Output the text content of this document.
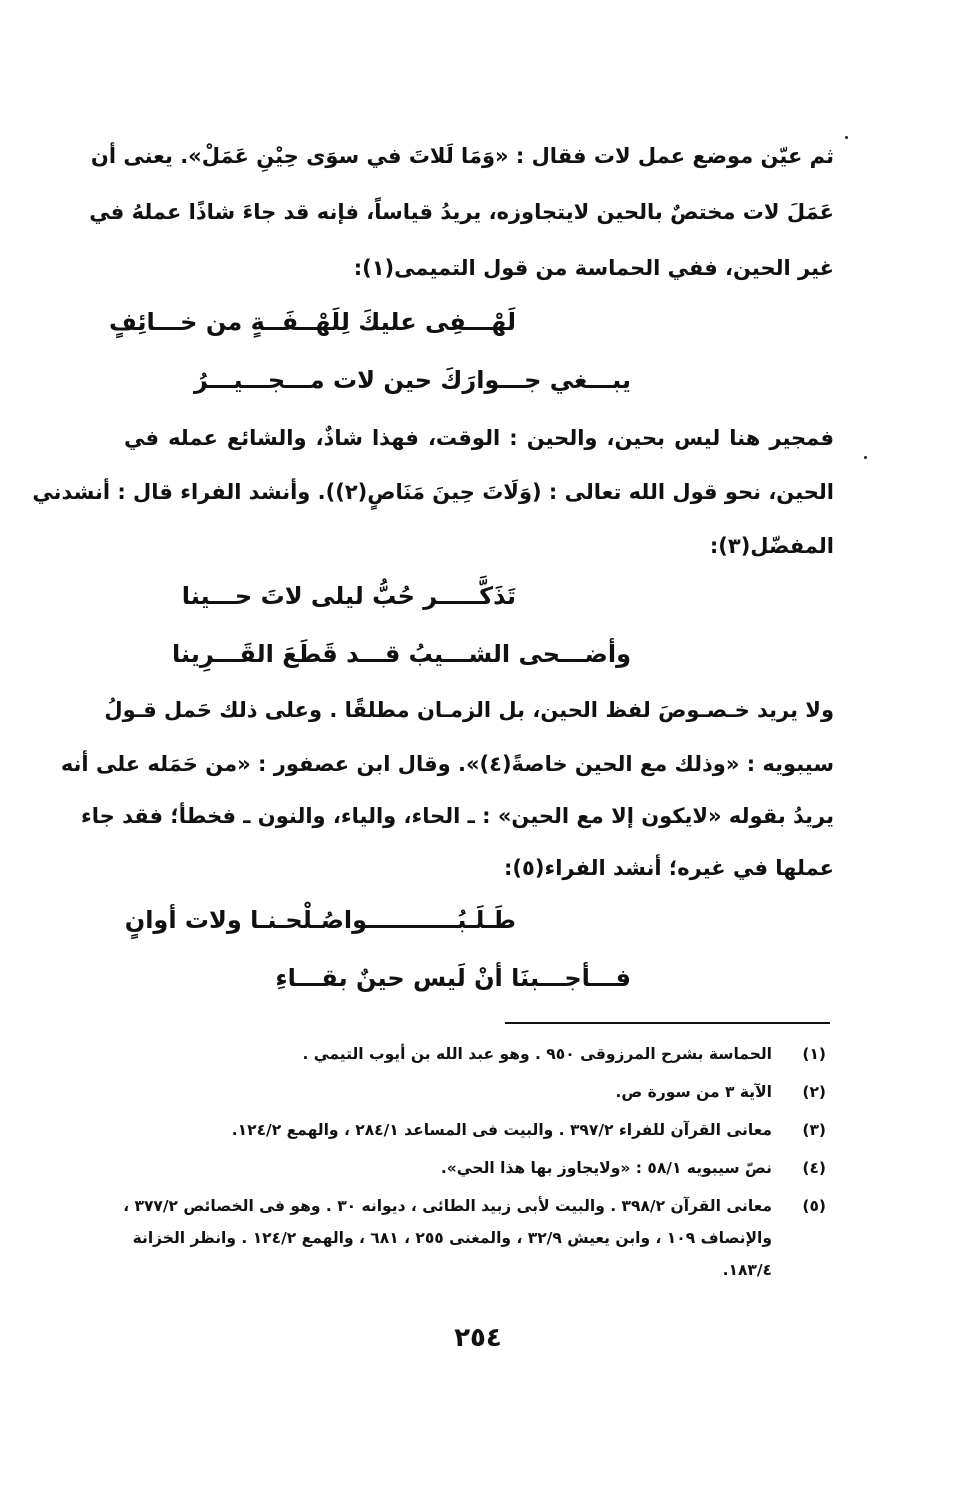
ثم عيّن موضع عمل لات فقال : «وَمَا لَلاتَ في سوَى حِيْنِ عَمَلْ». يعنى أن
عَمَلَ لات مختصٌ بالحين لايتجاوزه، يريدُ قياساً، فإنه قد جاءَ شاذًا عملهُ في
غير الحين، ففي الحماسة من قول التميمى(١):
لَهْـــفِى عليكَ لِلَهْــفَــةٍ من خـــائِفٍ
يبـــغي جـــوارَكَ حين لات مـــجـــيـــرُ
فمجير هنا ليس بحين، والحين : الوقت، فهذا شاذٌ، والشائع عمله في
الحين، نحو قول الله تعالى : (وَلَاتَ حِينَ مَنَاصٍ(٢)). وأنشد الفراء قال : أنشدني
المفضّل(٣):
تَذَكَّـــــر حُبُّ ليلى لاتَ حـــينا
وأضـــحى الشـــيبُ قـــد قَطَعَ القَـــرِينا
ولا يريد خـصـوصَ لفظ الحين، بل الزمـان مطلقًا . وعلى ذلك حَمل قـولُ
سيبويه : «وذلك مع الحين خاصةً(٤)». وقال ابن عصفور : «من حَمَله على أنه
يريدُ بقوله «لايكون إلا مع الحين» : ـ الحاء، والياء، والنون ـ فخطأ؛ فقد جاء
عملها في غيره؛ أنشد الفراء(٥):
طَـلَـبُـــــــــــواصُـلْحـنـا ولات أوانٍ
فـــأجـــبنَا أنْ لَيس حينٌ بقـــاءِ
(١)
الحماسة بشرح المرزوقى ٩٥٠ . وهو عبد الله بن أيوب التيمي .
(٢)
الآية ٣ من سورة ص.
(٣)
معانى القرآن للفراء ٣٩٧/٢ . والبيت فى المساعد ٢٨٤/١ ، والهمع ١٢٤/٢.
(٤)
نصّ سيبويه ٥٨/١ : «ولايجاوز بها هذا الحي».
(٥)
معانى القرآن ٣٩٨/٢ . والبيت لأبى زبيد الطائى ، ديوانه ٣٠ . وهو فى الخصائص ٣٧٧/٢ ،
والإنصاف ١٠٩ ، وابن يعيش ٣٢/٩ ، والمغنى ٢٥٥ ، ٦٨١ ، والهمع ١٢٤/٢ . وانظر الخزانة
١٨٣/٤.
٢٥٤
